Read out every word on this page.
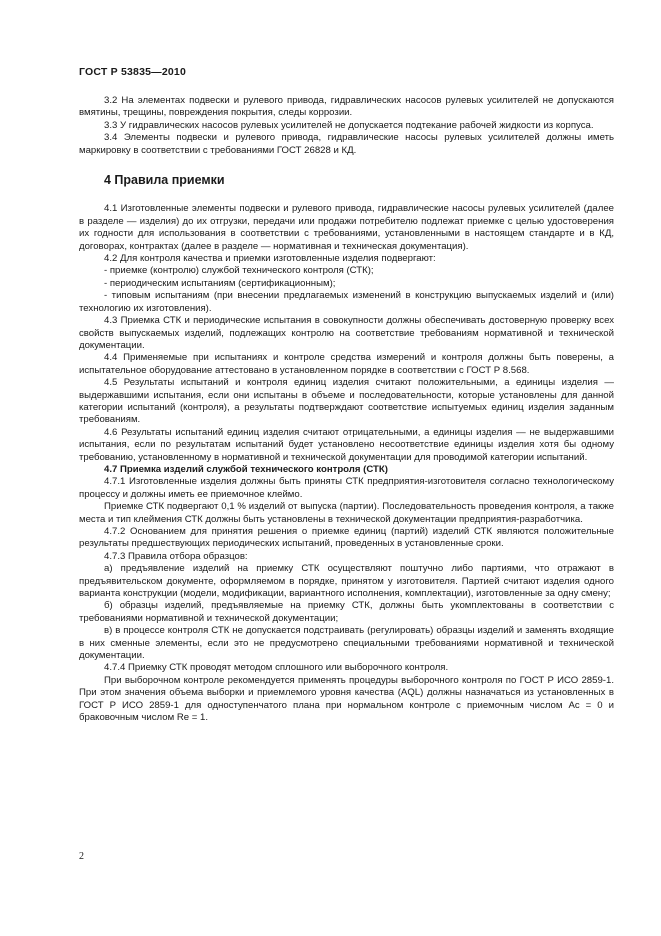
ГОСТ Р 53835—2010

3.2 На элементах подвески и рулевого привода, гидравлических насосов рулевых усилителей не допускаются вмятины, трещины, повреждения покрытия, следы коррозии.

3.3 У гидравлических насосов рулевых усилителей не допускается подтекание рабочей жидкости из корпуса.

3.4 Элементы подвески и рулевого привода, гидравлические насосы рулевых усилителей должны иметь маркировку в соответствии с требованиями ГОСТ 26828 и КД.

4 Правила приемки

4.1 Изготовленные элементы подвески и рулевого привода, гидравлические насосы рулевых усилителей (далее в разделе — изделия) до их отгрузки, передачи или продажи потребителю подлежат приемке с целью удостоверения их годности для использования в соответствии с требованиями, установленными в настоящем стандарте и в КД, договорах, контрактах (далее в разделе — нормативная и техническая документация).

4.2 Для контроля качества и приемки изготовленные изделия подвергают:

- приемке (контролю) службой технического контроля (СТК);

- периодическим испытаниям (сертификационным);

- типовым испытаниям (при внесении предлагаемых изменений в конструкцию выпускаемых изделий и (или) технологию их изготовления).

4.3 Приемка СТК и периодические испытания в совокупности должны обеспечивать достоверную проверку всех свойств выпускаемых изделий, подлежащих контролю на соответствие требованиям нормативной и технической документации.

4.4 Применяемые при испытаниях и контроле средства измерений и контроля должны быть поверены, а испытательное оборудование аттестовано в установленном порядке в соответствии с ГОСТ Р 8.568.

4.5 Результаты испытаний и контроля единиц изделия считают положительными, а единицы изделия — выдержавшими испытания, если они испытаны в объеме и последовательности, которые установлены для данной категории испытаний (контроля), а результаты подтверждают соответствие испытуемых единиц изделия заданным требованиям.

4.6 Результаты испытаний единиц изделия считают отрицательными, а единицы изделия — не выдержавшими испытания, если по результатам испытаний будет установлено несоответствие единицы изделия хотя бы одному требованию, установленному в нормативной и технической документации для проводимой категории испытаний.

4.7 Приемка изделий службой технического контроля (СТК)

4.7.1 Изготовленные изделия должны быть приняты СТК предприятия-изготовителя согласно технологическому процессу и должны иметь ее приемочное клеймо.

Приемке СТК подвергают 0,1 % изделий от выпуска (партии). Последовательность проведения контроля, а также места и тип клеймения СТК должны быть установлены в технической документации предприятия-разработчика.

4.7.2 Основанием для принятия решения о приемке единиц (партий) изделий СТК являются положительные результаты предшествующих периодических испытаний, проведенных в установленные сроки.

4.7.3 Правила отбора образцов:

а) предъявление изделий на приемку СТК осуществляют поштучно либо партиями, что отражают в предъявительском документе, оформляемом в порядке, принятом у изготовителя. Партией считают изделия одного варианта конструкции (модели, модификации, вариантного исполнения, комплектации), изготовленные за одну смену;

б) образцы изделий, предъявляемые на приемку СТК, должны быть укомплектованы в соответствии с требованиями нормативной и технической документации;

в) в процессе контроля СТК не допускается подстраивать (регулировать) образцы изделий и заменять входящие в них сменные элементы, если это не предусмотрено специальными требованиями нормативной и технической документации.

4.7.4 Приемку СТК проводят методом сплошного или выборочного контроля.

При выборочном контроле рекомендуется применять процедуры выборочного контроля по ГОСТ Р ИСО 2859-1. При этом значения объема выборки и приемлемого уровня качества (AQL) должны назначаться из установленных в ГОСТ Р ИСО 2859-1 для одноступенчатого плана при нормальном контроле с приемочным числом Ac = 0 и браковочным числом Re = 1.

2
